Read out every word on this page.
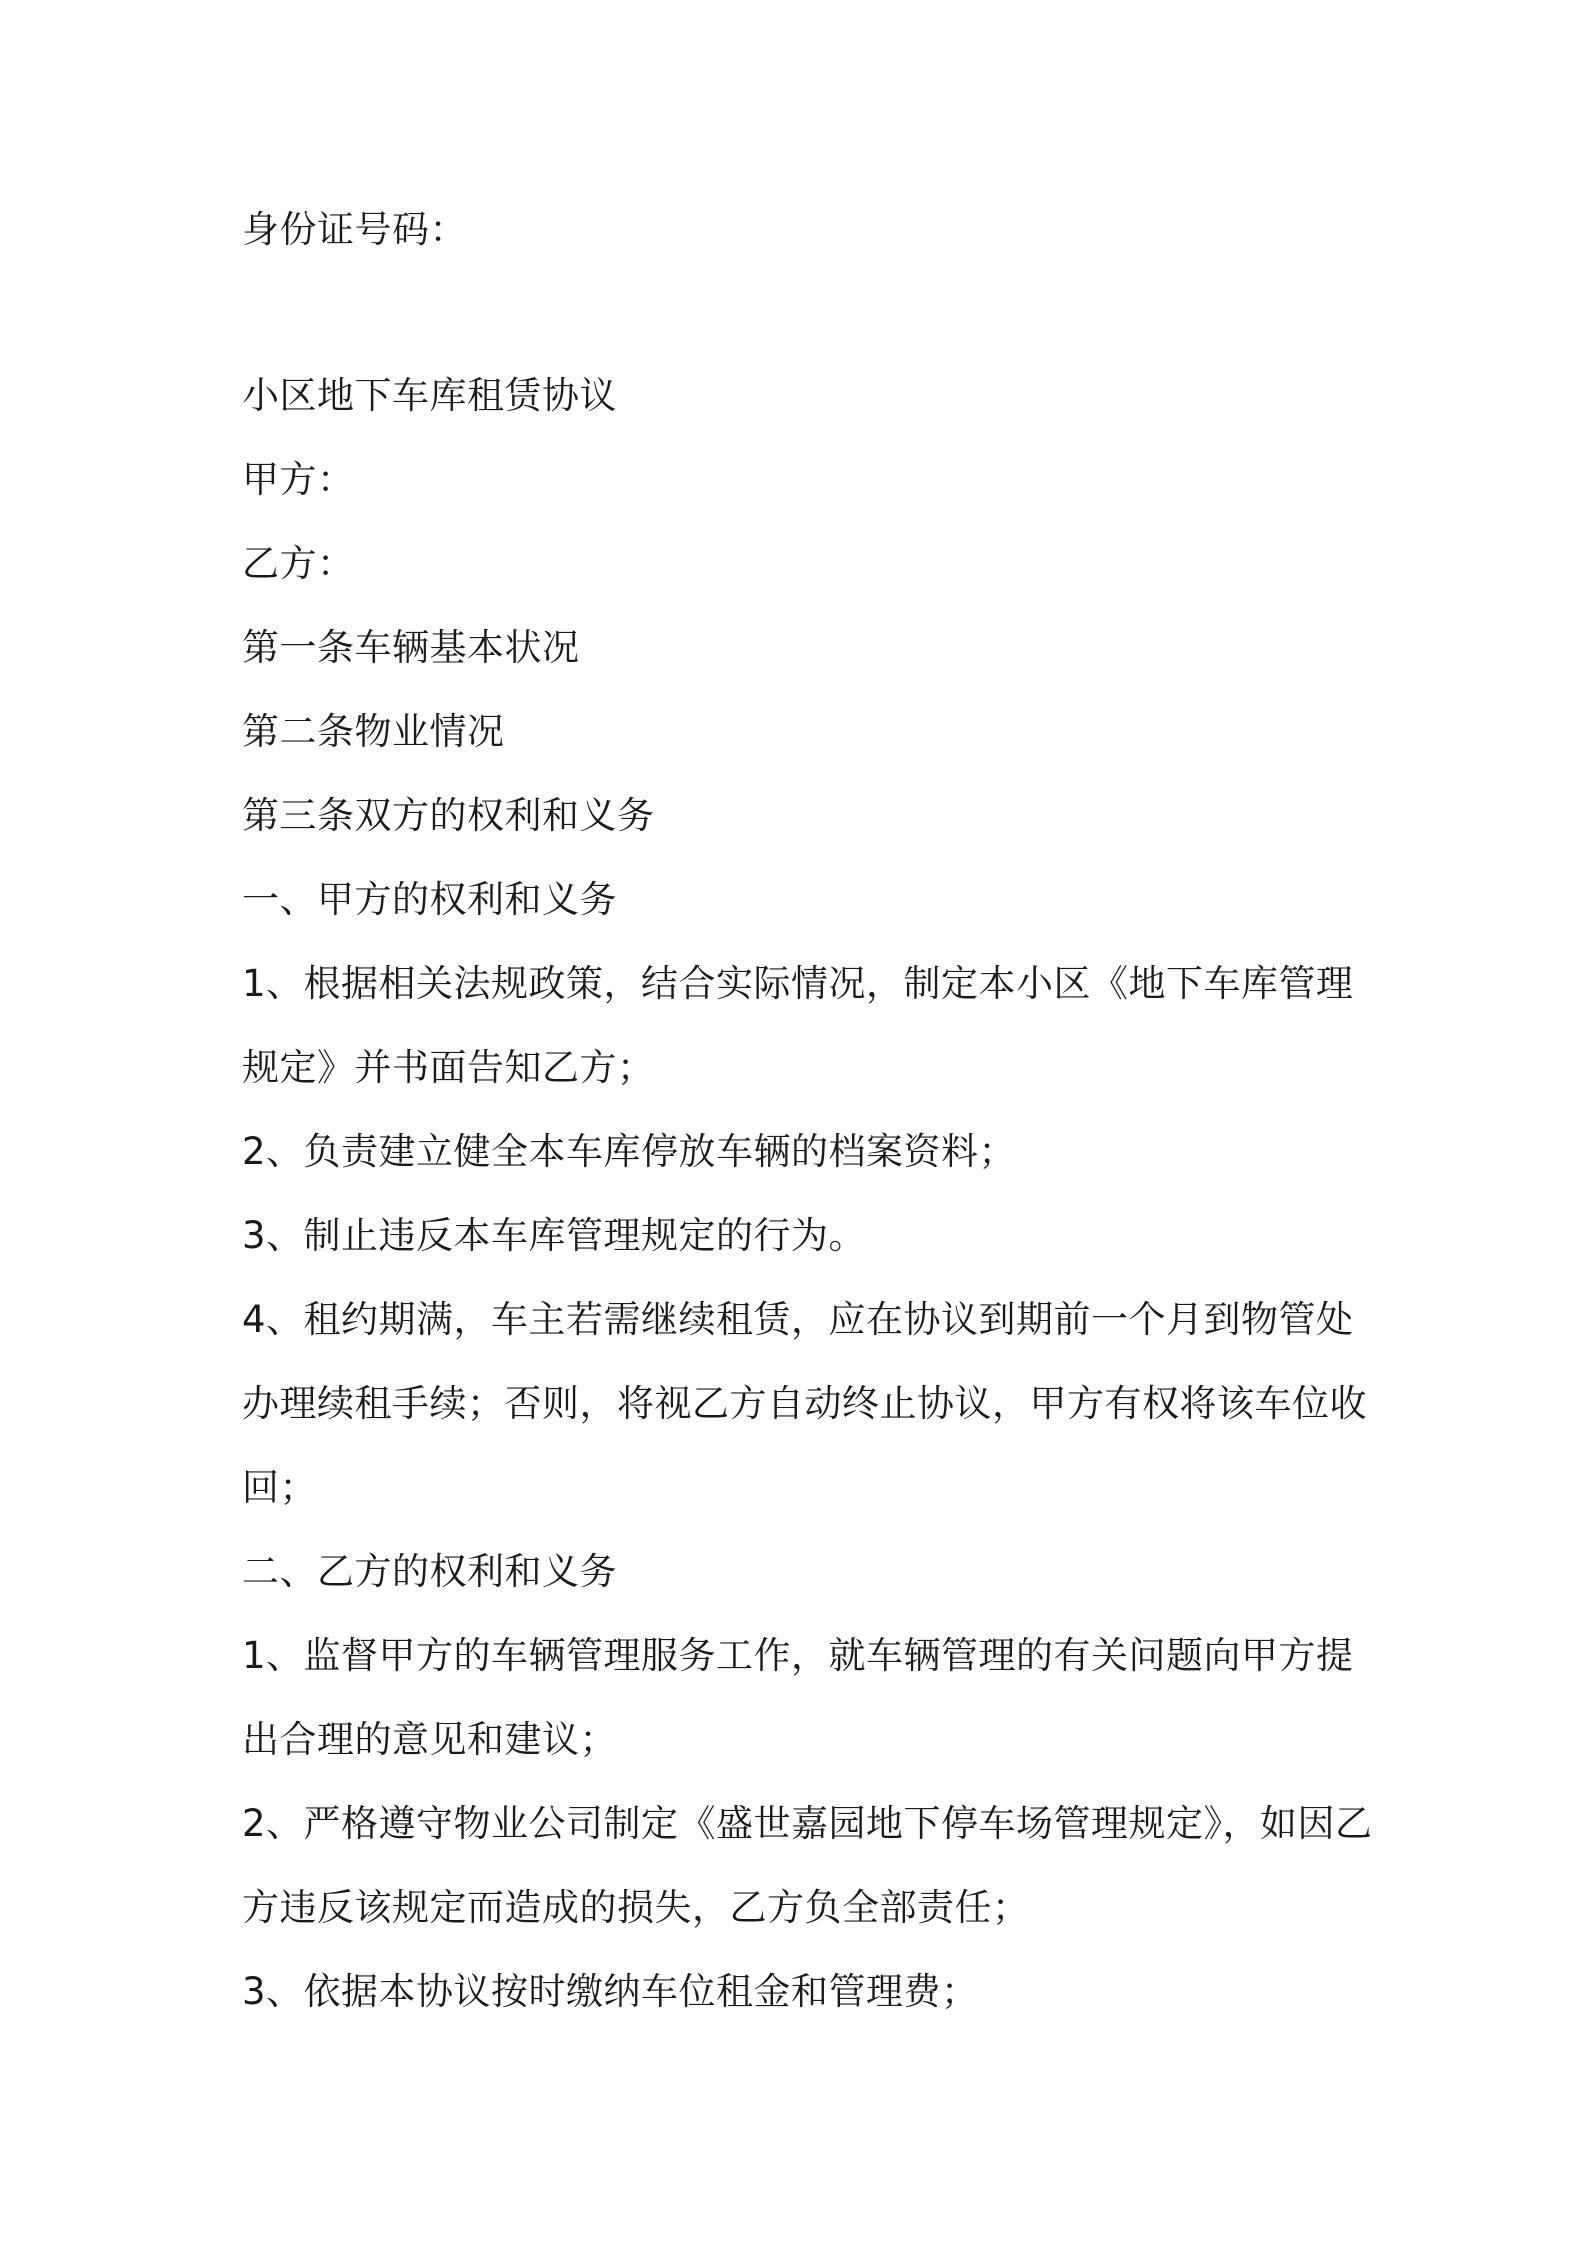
身份证号码：

小区地下车库租赁协议

甲方：

乙方：

第一条车辆基本状况

第二条物业情况

第三条双方的权利和义务

一、甲方的权利和义务

1、根据相关法规政策，结合实际情况，制定本小区《地下车库管理

规定》并书面告知乙方；

2、负责建立健全本车库停放车辆的档案资料；

3、制止违反本车库管理规定的行为。

4、租约期满，车主若需继续租赁，应在协议到期前一个月到物管处

办理续租手续；否则，将视乙方自动终止协议，甲方有权将该车位收

回；

二、乙方的权利和义务

1、监督甲方的车辆管理服务工作，就车辆管理的有关问题向甲方提

出合理的意见和建议；

2、严格遵守物业公司制定《盛世嘉园地下停车场管理规定》，如因乙

方违反该规定而造成的损失，乙方负全部责任；

3、依据本协议按时缴纳车位租金和管理费；
